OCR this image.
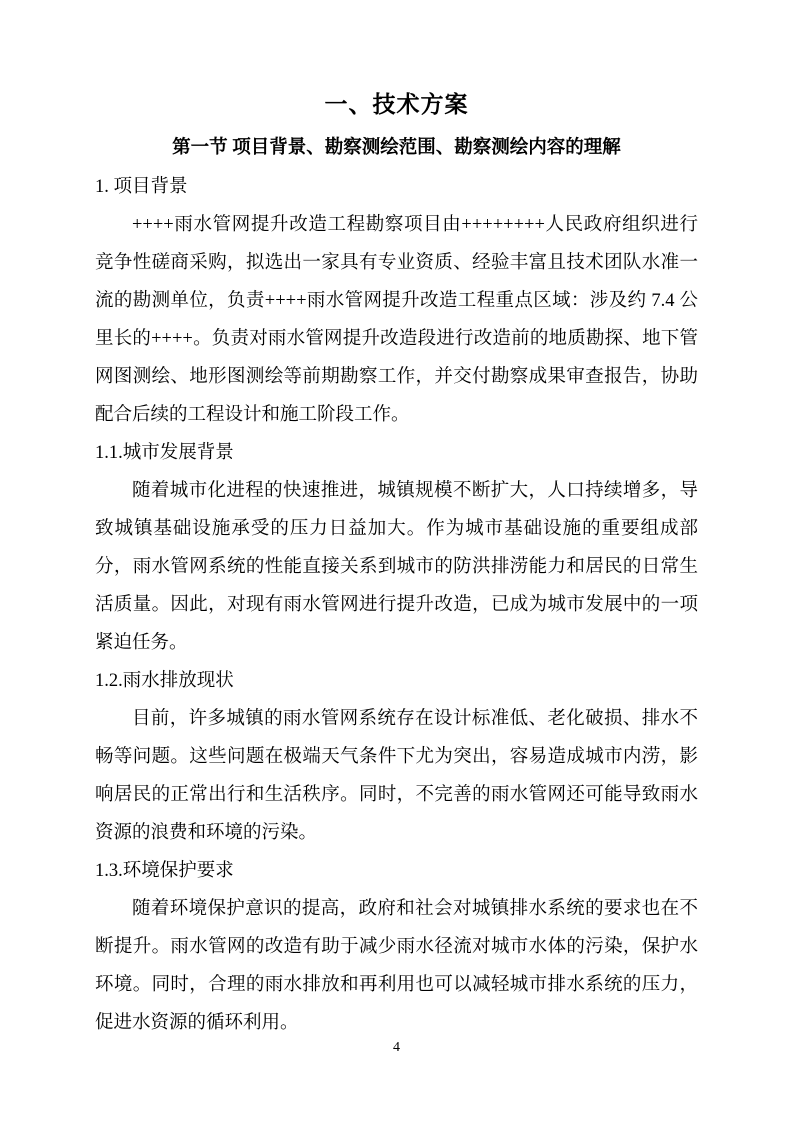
一、技术方案
第一节 项目背景、勘察测绘范围、勘察测绘内容的理解

1. 项目背景

++++雨水管网提升改造工程勘察项目由++++++++人民政府组织进行竞争性磋商采购，拟选出一家具有专业资质、经验丰富且技术团队水准一流的勘测单位，负责++++雨水管网提升改造工程重点区域：涉及约 7.4 公里长的++++。负责对雨水管网提升改造段进行改造前的地质勘探、地下管网图测绘、地形图测绘等前期勘察工作，并交付勘察成果审查报告，协助配合后续的工程设计和施工阶段工作。

1.1.城市发展背景

随着城市化进程的快速推进，城镇规模不断扩大，人口持续增多，导致城镇基础设施承受的压力日益加大。作为城市基础设施的重要组成部分，雨水管网系统的性能直接关系到城市的防洪排涝能力和居民的日常生活质量。因此，对现有雨水管网进行提升改造，已成为城市发展中的一项紧迫任务。

1.2.雨水排放现状

目前，许多城镇的雨水管网系统存在设计标准低、老化破损、排水不畅等问题。这些问题在极端天气条件下尤为突出，容易造成城市内涝，影响居民的正常出行和生活秩序。同时，不完善的雨水管网还可能导致雨水资源的浪费和环境的污染。

1.3.环境保护要求

随着环境保护意识的提高，政府和社会对城镇排水系统的要求也在不断提升。雨水管网的改造有助于减少雨水径流对城市水体的污染，保护水环境。同时，合理的雨水排放和再利用也可以减轻城市排水系统的压力，促进水资源的循环利用。

4
